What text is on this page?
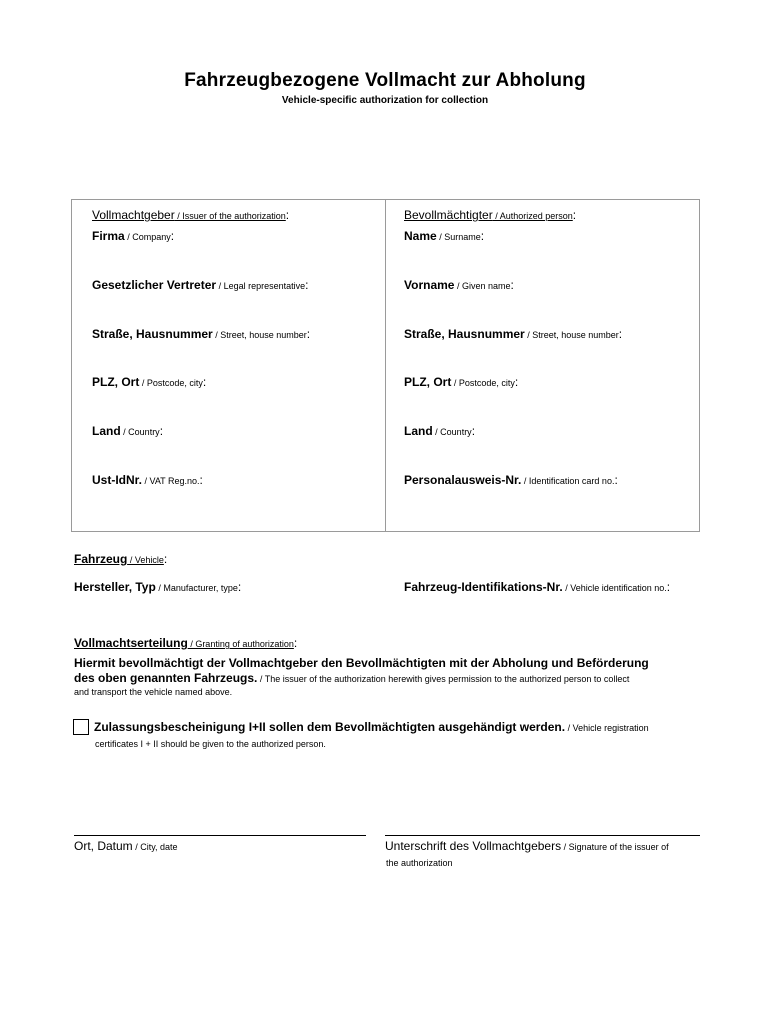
Fahrzeugbezogene Vollmacht zur Abholung
Vehicle-specific authorization for collection
Vollmachtgeber / Issuer of the authorization:
Firma / Company:
Gesetzlicher Vertreter / Legal representative:
Straße, Hausnummer / Street, house number:
PLZ, Ort / Postcode, city:
Land / Country:
Ust-IdNr. / VAT Reg.no.:
Bevollmächtigter / Authorized person:
Name / Surname:
Vorname / Given name:
Straße, Hausnummer / Street, house number:
PLZ, Ort / Postcode, city:
Land / Country:
Personalausweis-Nr. / Identification card no.:
Fahrzeug / Vehicle:
Hersteller, Typ / Manufacturer, type:	Fahrzeug-Identifikations-Nr. / Vehicle identification no.:
Vollmachtserteilung / Granting of authorization:
Hiermit bevollmächtigt der Vollmachtgeber den Bevollmächtigten mit der Abholung und Beförderung
des oben genannten Fahrzeugs. / The issuer of the authorization herewith gives permission to the authorized person to collect
and transport the vehicle named above.
Zulassungsbescheinigung I+II sollen dem Bevollmächtigten ausgehändigt werden. / Vehicle registration
certificates I + II should be given to the authorized person.
Ort, Datum / City, date	Unterschrift des Vollmachtgebers / Signature of the issuer of
the authorization
